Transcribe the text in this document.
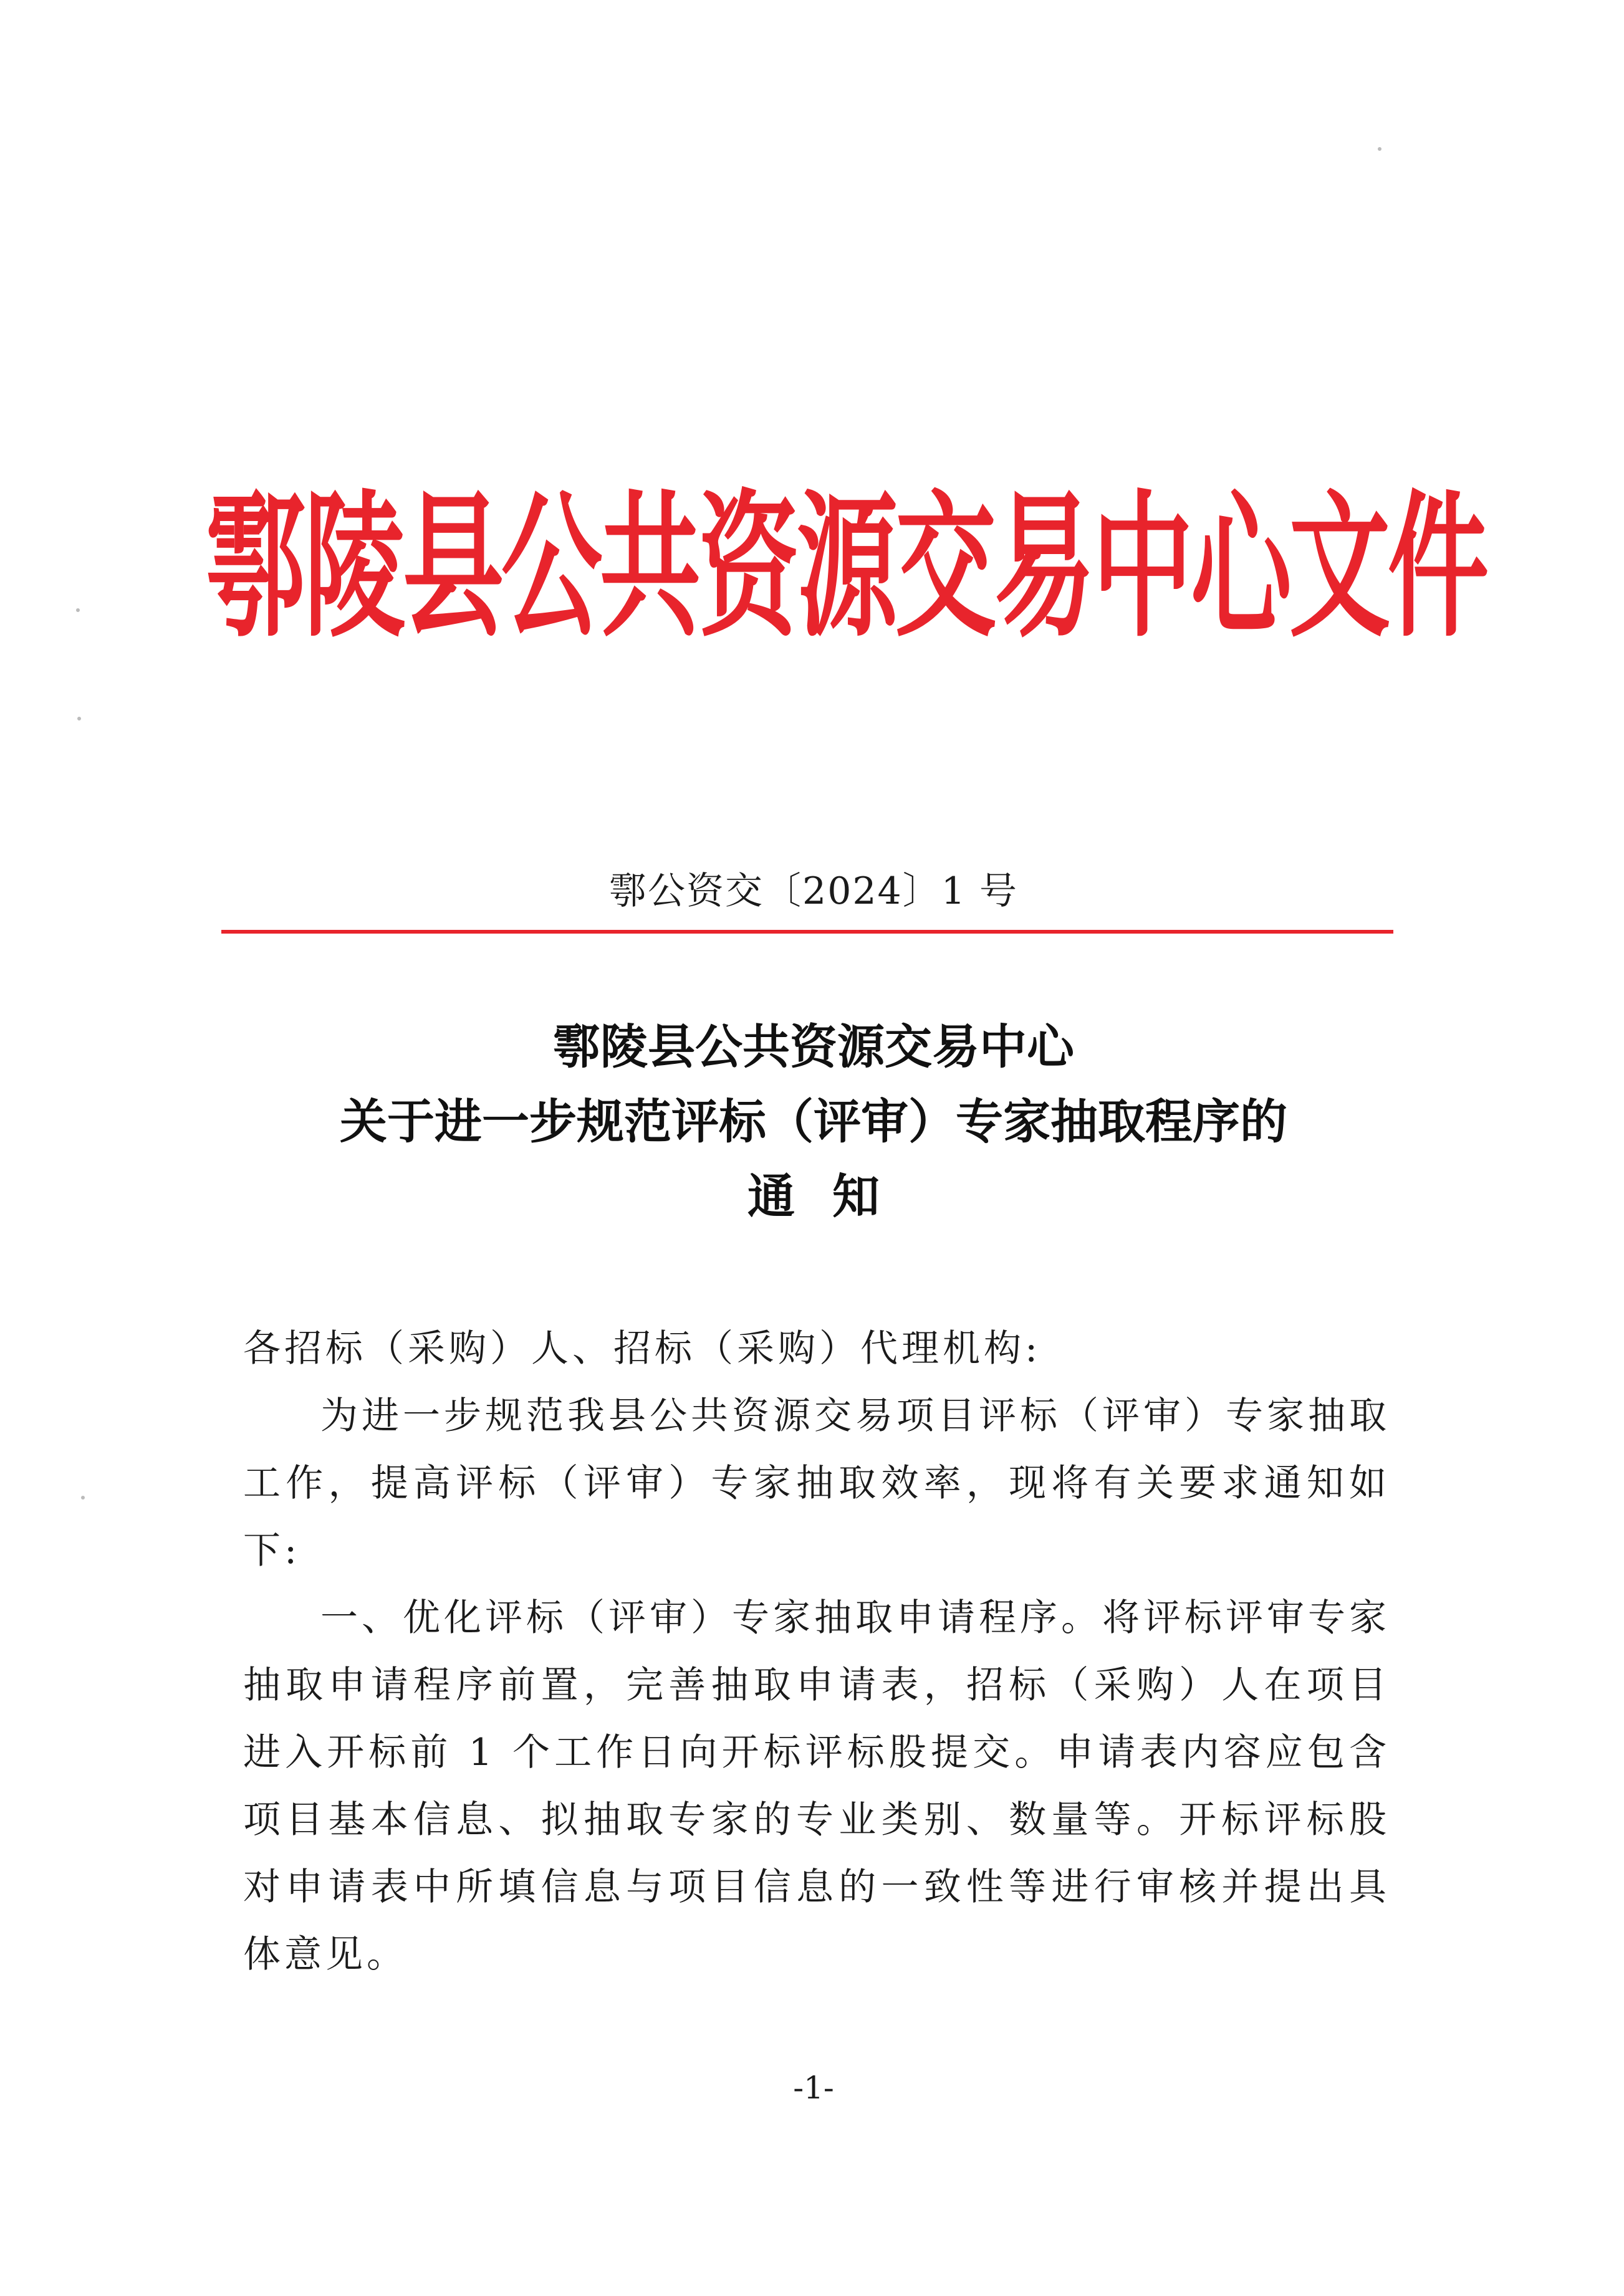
鄠陵县公共资源交易中心文件
鄠公资交〔2024〕1 号
鄠陵县公共资源交易中心
关于进一步规范评标（评审）专家抽取程序的
通知

各招标（采购）人、招标（采购）代理机构:

为进一步规范我县公共资源交易项目评标（评审）专家抽取工作，提高评标（评审）专家抽取效率，现将有关要求通知如下:

一、优化评标（评审）专家抽取申请程序。将评标评审专家抽取申请程序前置，完善抽取申请表，招标（采购）人在项目进入开标前 1 个工作日向开标评标股提交。申请表内容应包含项目基本信息、拟抽取专家的专业类别、数量等。开标评标股对申请表中所填信息与项目信息的一致性等进行审核并提出具体意见。

-1-
